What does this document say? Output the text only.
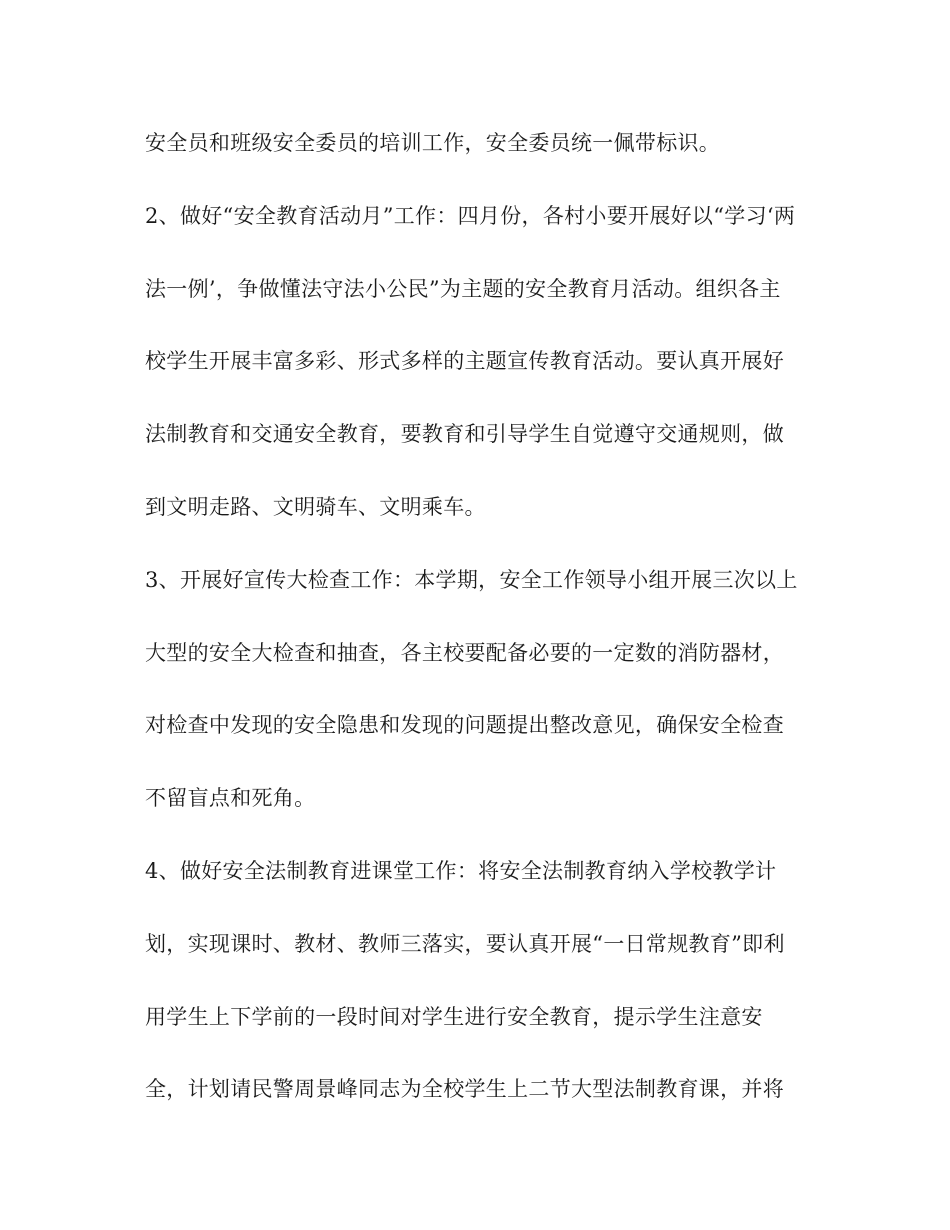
安全员和班级安全委员的培训工作，安全委员统一佩带标识。
2、做好“安全教育活动月”工作：四月份，各村小要开展好以“学习‘两
法一例’，争做懂法守法小公民”为主题的安全教育月活动。组织各主
校学生开展丰富多彩、形式多样的主题宣传教育活动。要认真开展好
法制教育和交通安全教育，要教育和引导学生自觉遵守交通规则，做
到文明走路、文明骑车、文明乘车。
3、开展好宣传大检查工作：本学期，安全工作领导小组开展三次以上
大型的安全大检查和抽查，各主校要配备必要的一定数的消防器材，
对检查中发现的安全隐患和发现的问题提出整改意见，确保安全检查
不留盲点和死角。
4、做好安全法制教育进课堂工作：将安全法制教育纳入学校教学计
划，实现课时、教材、教师三落实，要认真开展“一日常规教育”即利
用学生上下学前的一段时间对学生进行安全教育，提示学生注意安
全，计划请民警周景峰同志为全校学生上二节大型法制教育课，并将
